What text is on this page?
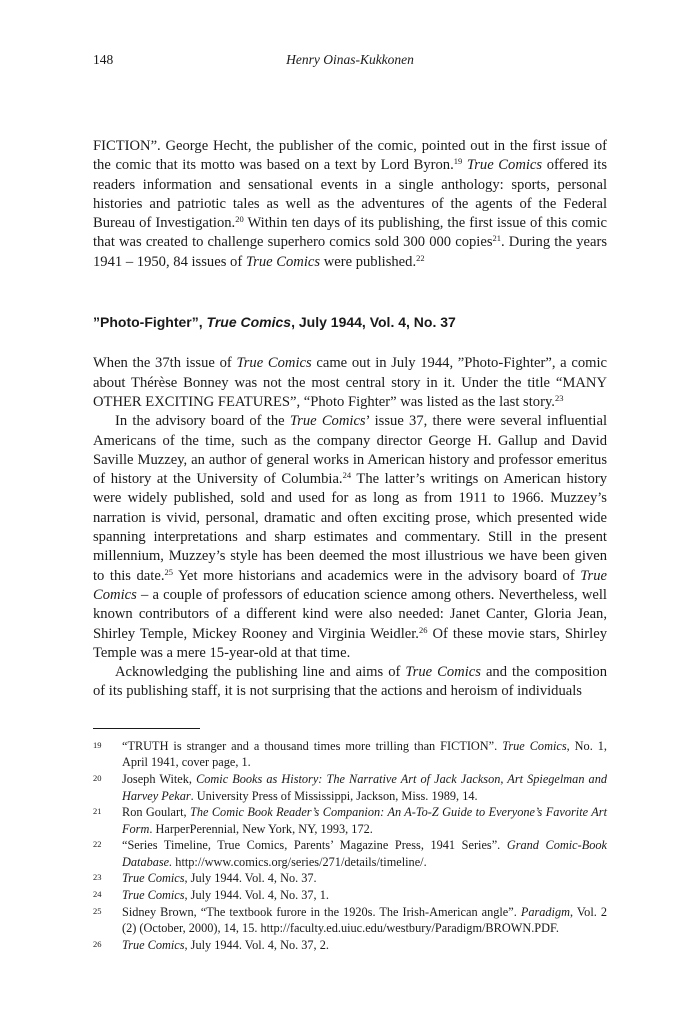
148	Henry Oinas-Kukkonen

FICTION”. George Hecht, the publisher of the comic, pointed out in the first issue of the comic that its motto was based on a text by Lord Byron.$^{19}$ True Comics offered its readers information and sensational events in a single anthology: sports, personal histories and patriotic tales as well as the adventures of the agents of the Federal Bureau of Investigation.$^{20}$ Within ten days of its publishing, the first issue of this comic that was created to challenge superhero comics sold 300 000 copies$^{21}$. During the years 1941 – 1950, 84 issues of True Comics were published.$^{22}$

”Photo-Fighter”, True Comics, July 1944, Vol. 4, No. 37

When the 37th issue of True Comics came out in July 1944, ”Photo-Fighter”, a comic about Thérèse Bonney was not the most central story in it. Under the title “MANY OTHER EXCITING FEATURES”, “Photo Fighter” was listed as the last story.$^{23}$

In the advisory board of the True Comics’ issue 37, there were several influential Americans of the time, such as the company director George H. Gallup and David Saville Muzzey, an author of general works in American history and professor emeritus of history at the University of Columbia.$^{24}$ The latter’s writings on American history were widely published, sold and used for as long as from 1911 to 1966. Muzzey’s narration is vivid, personal, dramatic and often exciting prose, which presented wide spanning interpretations and sharp estimates and commentary. Still in the present millennium, Muzzey’s style has been deemed the most illustrious we have been given to this date.$^{25}$ Yet more historians and academics were in the advisory board of True Comics – a couple of professors of education science among others. Nevertheless, well known contributors of a different kind were also needed: Janet Canter, Gloria Jean, Shirley Temple, Mickey Rooney and Virginia Weidler.$^{26}$ Of these movie stars, Shirley Temple was a mere 15-year-old at that time.

Acknowledging the publishing line and aims of True Comics and the composition of its publishing staff, it is not surprising that the actions and heroism of individuals

19 “TRUTH is stranger and a thousand times more trilling than FICTION”. True Comics, No. 1, April 1941, cover page, 1.
20 Joseph Witek, Comic Books as History: The Narrative Art of Jack Jackson, Art Spiegelman and Harvey Pekar. University Press of Mississippi, Jackson, Miss. 1989, 14.
21 Ron Goulart, The Comic Book Reader’s Companion: An A-To-Z Guide to Everyone’s Favorite Art Form. HarperPerennial, New York, NY, 1993, 172.
22 “Series Timeline, True Comics, Parents’ Magazine Press, 1941 Series”. Grand Comic-Book Database. http://www.comics.org/series/271/details/timeline/.
23 True Comics, July 1944. Vol. 4, No. 37.
24 True Comics, July 1944. Vol. 4, No. 37, 1.
25 Sidney Brown, “The textbook furore in the 1920s. The Irish-American angle”. Paradigm, Vol. 2 (2) (October, 2000), 14, 15. http://faculty.ed.uiuc.edu/westbury/Paradigm/BROWN.PDF.
26 True Comics, July 1944. Vol. 4, No. 37, 2.
